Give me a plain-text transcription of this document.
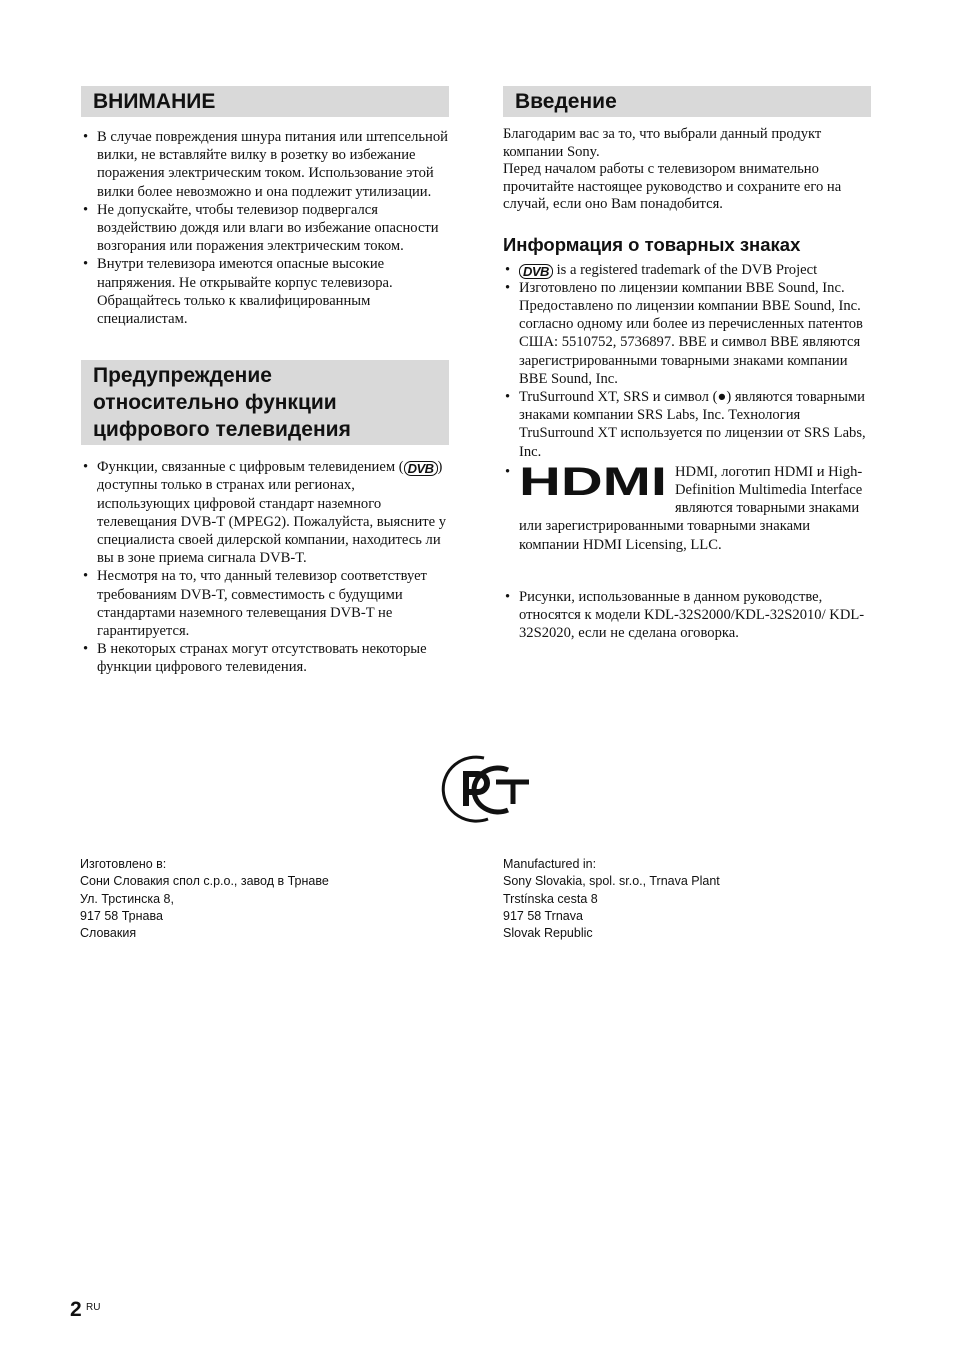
ВНИМАНИЕ
• В случае повреждения шнура питания или штепсельной вилки, не вставляйте вилку в розетку во избежание поражения электрическим током. Использование этой вилки более невозможно и она подлежит утилизации.
• Не допускайте, чтобы телевизор подвергался воздействию дождя или влаги во избежание опасности возгорания или поражения электрическим током.
• Внутри телевизора имеются опасные высокие напряжения. Не открывайте корпус телевизора. Обращайтесь только к квалифицированным специалистам.
Предупреждение
относительно функции
цифрового телевидения
• Функции, связанные с цифровым телевидением ( DVB ) доступны только в странах или регионах, использующих цифровой стандарт наземного телевещания DVB-T (MPEG2). Пожалуйста, выясните у специалиста своей дилерской компании, находитесь ли вы в зоне приема сигнала DVB-T.
• Несмотря на то, что данный телевизор соответствует требованиям DVB-T, совместимость с будущими стандартами наземного телевещания DVB-T не гарантируется.
• В некоторых странах могут отсутствовать некоторые функции цифрового телевидения.
Введение

Благодарим вас за то, что выбрали данный продукт компании Sony.

Перед началом работы с телевизором внимательно прочитайте настоящее руководство и сохраните его на случай, если оно Вам понадобится.

Информация о товарных знаках

• DVB is a registered trademark of the DVB Project
• Изготовлено по лицензии компании BBE Sound, Inc. Предоставлено по лицензии компании BBE Sound, Inc. согласно одному или более из перечисленных патентов США: 5510752, 5736897. BBE и символ BBE являются зарегистрированными товарными знаками компании BBE Sound, Inc.
• TruSurround XT, SRS и символ (●) являются товарными знаками компании SRS Labs, Inc. Технология TruSurround XT используется по лицензии от SRS Labs, Inc.
• HDMI HDMI, логотип HDMI и High-Definition Multimedia Interface являются товарными знаками или зарегистрированными товарными знаками компании HDMI Licensing, LLC.
• Рисунки, использованные в данном руководстве, относятся к модели KDL-32S2000/KDL-32S2010/ KDL-32S2020, если не сделана оговорка.
Изготовлено в:
Сони Словакия спол с.р.о., завод в Трнаве
Ул. Трстинска 8,
917 58 Трнава
Словакия
Manufactured in:
Sony Slovakia, spol. sr.o., Trnava Plant
Trstínska cesta 8
917 58 Trnava
Slovak Republic
2 RU
